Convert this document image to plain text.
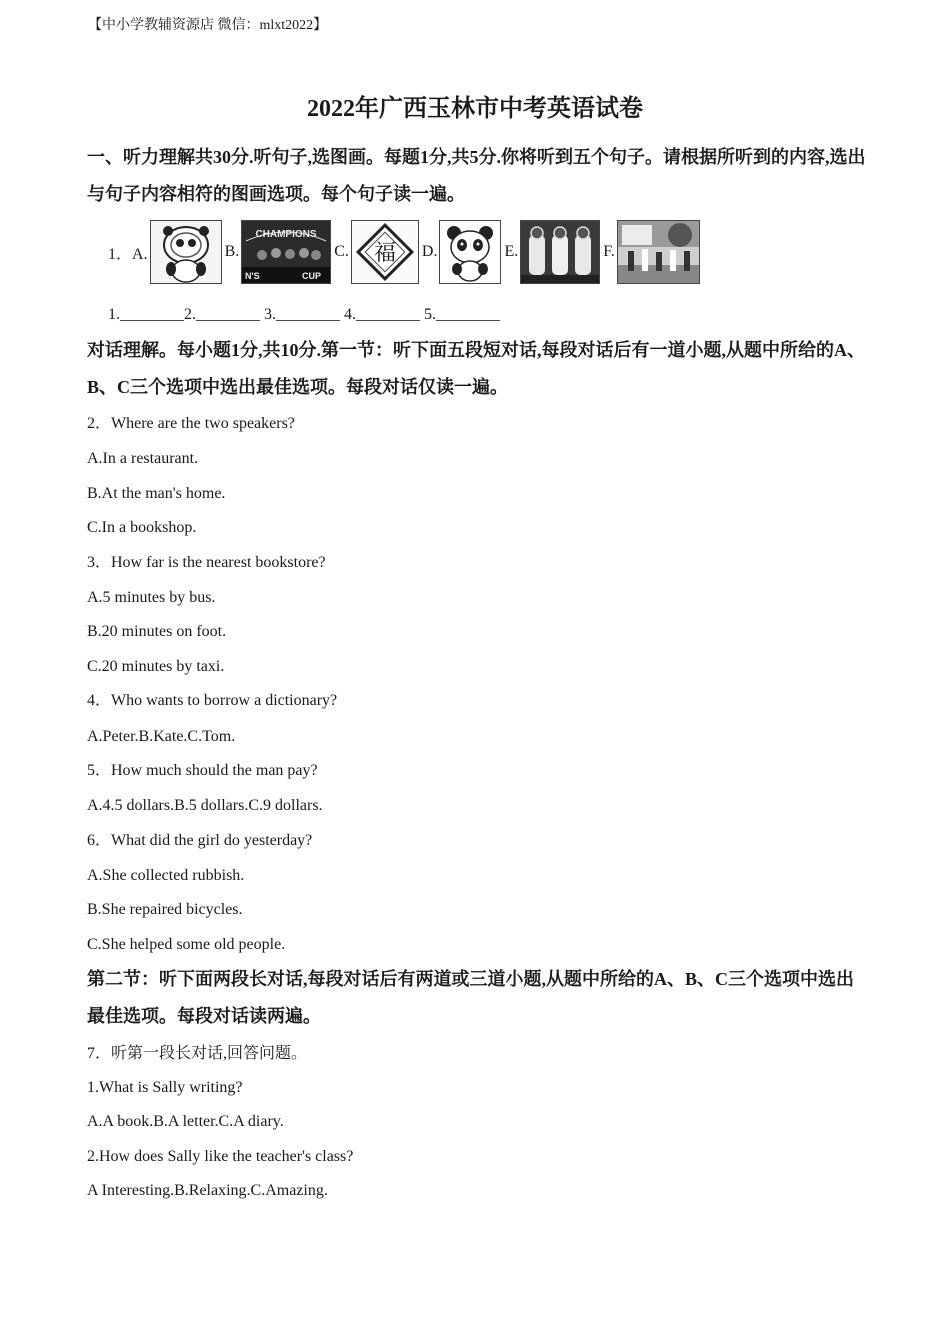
【中小学教辅资源店 微信：mlxt2022】
2022年广西玉林市中考英语试卷
一、听力理解共30分.听句子,选图画。每题1分,共5分.你将听到五个句子。请根据所听到的内容,选出与句子内容相符的图画选项。每个句子读一遍。
1．A.	B.
CHAMPIONS
N'S	CUP
C. 福 D.	E.	F.
1.________2.________ 3.________ 4.________ 5.________
对话理解。每小题1分,共10分.第一节：听下面五段短对话,每段对话后有一道小题,从题中所给的A、B、C三个选项中选出最佳选项。每段对话仅读一遍。
2．Where are the two speakers?
A.In a restaurant.
B.At the man's home.
C.In a bookshop.
3．How far is the nearest bookstore?
A.5 minutes by bus.
B.20 minutes on foot.
C.20 minutes by taxi.
4．Who wants to borrow a dictionary?
A.Peter.B.Kate.C.Tom.
5．How much should the man pay?
A.4.5 dollars.B.5 dollars.C.9 dollars.
6．What did the girl do yesterday?
A.She collected rubbish.
B.She repaired bicycles.
C.She helped some old people.
第二节：听下面两段长对话,每段对话后有两道或三道小题,从题中所给的A、B、C三个选项中选出最佳选项。每段对话读两遍。
7．听第一段长对话,回答问题。
1.What is Sally writing?
A.A book.B.A letter.C.A diary.
2.How does Sally like the teacher's class?
A Interesting.B.Relaxing.C.Amazing.
